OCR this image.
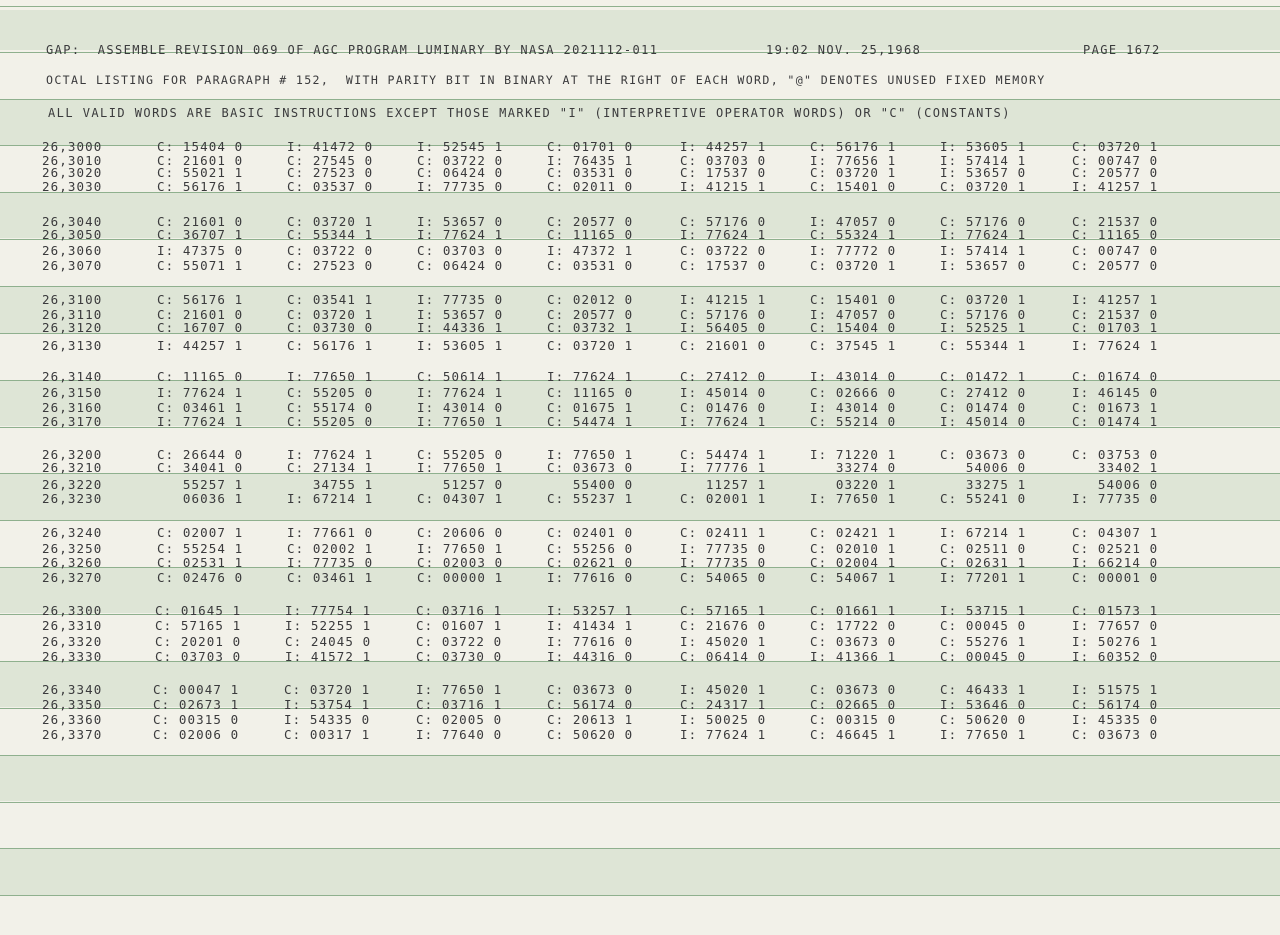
GAP:  ASSEMBLE REVISION 069 OF AGC PROGRAM LUMINARY BY NASA 2021112-011	19:02 NOV. 25,1968	PAGE 1672
OCTAL LISTING FOR PARAGRAPH # 152,  WITH PARITY BIT IN BINARY AT THE RIGHT OF EACH WORD, "@" DENOTES UNUSED FIXED MEMORY
ALL VALID WORDS ARE BASIC INSTRUCTIONS EXCEPT THOSE MARKED "I" (INTERPRETIVE OPERATOR WORDS) OR "C" (CONSTANTS)
26,3000	C: 15404 0	I: 41472 0	I: 52545 1	C: 01701 0	I: 44257 1	C: 56176 1	I: 53605 1	C: 03720 1
26,3010	C: 21601 0	C: 27545 0	C: 03722 0	I: 76435 1	C: 03703 0	I: 77656 1	I: 57414 1	C: 00747 0
26,3020	C: 55021 1	C: 27523 0	C: 06424 0	C: 03531 0	C: 17537 0	C: 03720 1	I: 53657 0	C: 20577 0
26,3030	C: 56176 1	C: 03537 0	I: 77735 0	C: 02011 0	I: 41215 1	C: 15401 0	C: 03720 1	I: 41257 1
26,3040	C: 21601 0	C: 03720 1	I: 53657 0	C: 20577 0	C: 57176 0	I: 47057 0	C: 57176 0	C: 21537 0
26,3050	C: 36707 1	C: 55344 1	I: 77624 1	C: 11165 0	I: 77624 1	C: 55324 1	I: 77624 1	C: 11165 0
26,3060	I: 47375 0	C: 03722 0	C: 03703 0	I: 47372 1	C: 03722 0	I: 77772 0	I: 57414 1	C: 00747 0
26,3070	C: 55071 1	C: 27523 0	C: 06424 0	C: 03531 0	C: 17537 0	C: 03720 1	I: 53657 0	C: 20577 0
26,3100	C: 56176 1	C: 03541 1	I: 77735 0	C: 02012 0	I: 41215 1	C: 15401 0	C: 03720 1	I: 41257 1
26,3110	C: 21601 0	C: 03720 1	I: 53657 0	C: 20577 0	C: 57176 0	I: 47057 0	C: 57176 0	C: 21537 0
26,3120	C: 16707 0	C: 03730 0	I: 44336 1	C: 03732 1	I: 56405 0	C: 15404 0	I: 52525 1	C: 01703 1
26,3130	I: 44257 1	C: 56176 1	I: 53605 1	C: 03720 1	C: 21601 0	C: 37545 1	C: 55344 1	I: 77624 1
26,3140	C: 11165 0	I: 77650 1	C: 50614 1	I: 77624 1	C: 27412 0	I: 43014 0	C: 01472 1	C: 01674 0
26,3150	I: 77624 1	C: 55205 0	I: 77624 1	C: 11165 0	I: 45014 0	C: 02666 0	C: 27412 0	I: 46145 0
26,3160	C: 03461 1	C: 55174 0	I: 43014 0	C: 01675 1	C: 01476 0	I: 43014 0	C: 01474 0	C: 01673 1
26,3170	I: 77624 1	C: 55205 0	I: 77650 1	C: 54474 1	I: 77624 1	C: 55214 0	I: 45014 0	C: 01474 1
26,3200	C: 26644 0	I: 77624 1	C: 55205 0	I: 77650 1	C: 54474 1	I: 71220 1	C: 03673 0	C: 03753 0
26,3210	C: 34041 0	C: 27134 1	I: 77650 1	C: 03673 0	I: 77776 1	33274 0	54006 0	33402 1
26,3220	55257 1	34755 1	51257 0	55400 0	11257 1	03220 1	33275 1	54006 0
26,3230	06036 1	I: 67214 1	C: 04307 1	C: 55237 1	C: 02001 1	I: 77650 1	C: 55241 0	I: 77735 0
26,3240	C: 02007 1	I: 77661 0	C: 20606 0	C: 02401 0	C: 02411 1	C: 02421 1	I: 67214 1	C: 04307 1
26,3250	C: 55254 1	C: 02002 1	I: 77650 1	C: 55256 0	I: 77735 0	C: 02010 1	C: 02511 0	C: 02521 0
26,3260	C: 02531 1	I: 77735 0	C: 02003 0	C: 02621 0	I: 77735 0	C: 02004 1	C: 02631 1	I: 66214 0
26,3270	C: 02476 0	C: 03461 1	C: 00000 1	I: 77616 0	C: 54065 0	C: 54067 1	I: 77201 1	C: 00001 0
26,3300	C: 01645 1	I: 77754 1	C: 03716 1	I: 53257 1	C: 57165 1	C: 01661 1	I: 53715 1	C: 01573 1
26,3310	C: 57165 1	I: 52255 1	C: 01607 1	I: 41434 1	C: 21676 0	C: 17722 0	C: 00045 0	I: 77657 0
26,3320	C: 20201 0	C: 24045 0	C: 03722 0	I: 77616 0	I: 45020 1	C: 03673 0	C: 55276 1	I: 50276 1
26,3330	C: 03703 0	I: 41572 1	C: 03730 0	I: 44316 0	C: 06414 0	I: 41366 1	C: 00045 0	I: 60352 0
26,3340	C: 00047 1	C: 03720 1	I: 77650 1	C: 03673 0	I: 45020 1	C: 03673 0	C: 46433 1	I: 51575 1
26,3350	C: 02673 1	I: 53754 1	C: 03716 1	C: 56174 0	C: 24317 1	C: 02665 0	I: 53646 0	C: 56174 0
26,3360	C: 00315 0	I: 54335 0	C: 02005 0	C: 20613 1	I: 50025 0	C: 00315 0	C: 50620 0	I: 45335 0
26,3370	C: 02006 0	C: 00317 1	I: 77640 0	C: 50620 0	I: 77624 1	C: 46645 1	I: 77650 1	C: 03673 0
